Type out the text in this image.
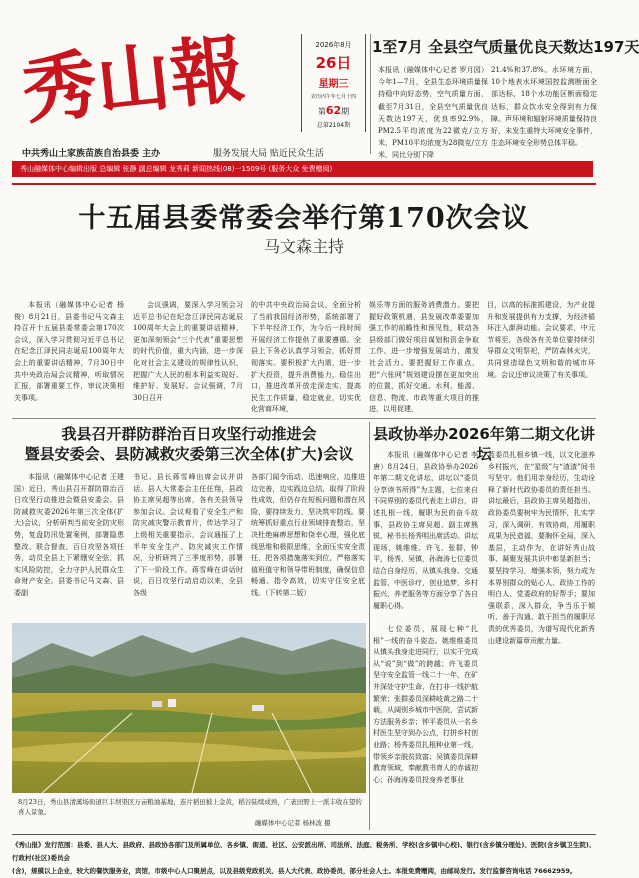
秀山報	2026年8月
26日
星期三
农历丙午年七月十四
第62期
总第2104期
中共秀山土家族苗族自治县委 主办	服务发展大局 贴近民众生活
秀山融媒体中心编辑出版 总编辑 张静 副总编辑 龙秀莉 新闻热线(08)一1509号 (服务大众 免费赠阅)
1至7月 全县空气质量优良天数达197天
本报讯（融媒体中心记者 罗月园）今年1—7月，全县生态环境质量保持稳中向好态势，空气质量方面，截至7月31日，全县空气质量优良天数达197天，优良率92.9%，PM2.5平均浓度为22微克/立方米，PM10平均浓度为28微克/立方米，同比分别下降
21.4%和37.8%。水环境方面，10个地表水环境国控监测断面全部达标，18个水功能区断面稳定达标，群众饮水安全得到有力保障。声环境和辐射环境质量保持良好，未发生重特大环境安全事件，生态环境安全形势总体平稳。
十五届县委常委会举行第170次会议
马文森主持

本报讯（融媒体中心记者 杨俊）8月21日，县委书记马文森主持召开十五届县委常委会第170次会议，深入学习贯彻习近平总书记在纪念江泽民同志诞辰100周年大会上的重要讲话精神，7月30日中共中央政治局会议精神，听取情况汇报，部署重要工作，审议决策相关事项。

会议强调，要深入学习领会习近平总书记在纪念江泽民同志诞辰100周年大会上的重要讲话精神，更加深刻领会“三个代表”重要思想的时代价值，重大内涵，进一步深化对社会主义建设的规律性认识，把握广大人民的根本利益实现好、维护好、发展好。会议强调，7月30日召开

的中共中央政治局会议，全面分析了当前我国经济形势，系统部署了下半年经济工作，为今后一段时间开展经济工作提供了重要遵循。全县上下务必认真学习领会，抓好贯彻落实。要积极扩大内需，进一步扩大投资，提升消费能力，稳住出口，推进改革开放走深走实，提高民生工作质量，稳定就业，切实优化营商环境，

娱乐等方面的服务消费潜力。要把握好政策机遇，县发展改革委要加强工作的前瞻性和预见性，联动各县级部门做好项目谋划和资金争取工作，进一步增强发展动力，激发社会活力。要把握好工作重点，把“六张网”规划建设摆在更加突出的位置，抓好交通、水利、能源、信息、物流、市政等重大项目的推进，以用促建，

目，以高的标准抓建设，为产业提升和发展提供有力支撑，为经济循环注入澎湃动能。会议要求，中元节将至，各级各有关单位要持续引导群众文明祭祀，严防森林火灾，共同营造绿色文明和谐的城市环境。会议还审议决策了有关事项。

我县召开群防群治百日攻坚行动推进会
暨县安委会、县防减救灾委第三次全体(扩大)会议

本报讯（融媒体中心记者 王建国）近日，秀山县召开群防群治百日攻坚行动推进会暨县安委会、县防减救灾委2026年第三次全体(扩大)会议，分析研判当前安全防灾形势，复盘防汛处置案例，部署隐患整改、联合督查、百日攻坚各项任务，动员全县上下紧绷安全弦，抓实风险防控，全力守护人民群众生命财产安全。县委书记马文森、县委副

书记、县长蒋雪峰出席会议并讲话。县人大常委会主任任翔，县政协主席吴超等出席，各有关县领导参加会议。会议观看了安全生产和防灾减灾警示教育片，传达学习了上级相关重要指示，会议通报了上半年安全生产、防灾减灾工作情况，分析研判了三季度形势，部署了下一阶段工作。蒋雪峰在讲话时说，百日攻坚行动启动以来，全县各级

各部门闻令而动、迅速响应，边推进边完善，边实践边总结，取得了阶段性成效，但仍存在短板问题和潜在风险，要持续发力，坚决筑牢防线。要统筹抓好重点行业领域排查整治，坚决杜绝麻痹思想和侥幸心理，强化底线思维和极限思维，全面压实安全责任，把各项措施落实到位，严格落实值班值守和领导带班制度，确保信息畅通、指令高效，切实守住安全底线。（下转第二版）

8月23日，秀山县清溪场街道巨丰坝渠区万亩粮油基地，连片稻田披上金黄，稻谷陆续成熟，广袤田野上一派丰收在望的喜人景象。
融媒体中心记者 杨林波 摄
县政协举办2026年第二期文化讲坛

本报讯（融媒体中心记者 李 唐）8月24日，县政协举办2026年第二期文化讲坛，讲坛以“委员分享读书所得”为主题，七位来自不同界别的委员代表走上讲台，讲述扎根一线，履职为民的奋斗故事，县政协主席吴超、副主席熊锐、秘书长杨秀明出席活动。讲坛现场，姚维维、许飞、张群，钟平，杨秀，吴镇，孙海涛七位委员结合自身经历，从镇头我身、交通监管、中医诊疗，创业追梦，乡村振兴、养老服务等方面分享了各自履职心得。

七位委员，展现七种“扎根”一线的奋斗姿态。姚维维委员从镇头我身走进同行，以实干完成从“说”到“做”的跨越；许飞委员坚守安全监管一线二十一年，在矿井深处守护生命、在打非一线护航繁荣；张群委员深耕岐黄之路二十载，从阔别乡城市中医院，尝试新方法服务乡亲；钟平委员从一名乡村医生坚守到办公点，打拼乡村创业路；杨秀委员扎根种业第一线，带领乡亲脱贫致富；吴镇委员深耕教育领域，奉献教书育人的赤诚初心；孙海涛委员投身养老事业

蓝委员扎根乡镇一线，以文化滋养乡村振兴，在“星级”与“渣渣”间书写坚守。他们用亲身经历，生动诠释了新时代政协委员的责任担当。讲坛最后，县政协主席吴超指出，政协委员要树牢为民情怀，扎实学习，深入调研，有效协商，用履职成果为民造福，要胸怀全局，深入基层，主动作为，在讲好秀山故事、凝聚发展共识中彰显新担当；要坚持学习，增强本领，努力成为本界别群众的贴心人、政协工作的明白人、党委政府的好帮手；要加强联系，深入群众，争当乐于倾听、善于沟通、敢于担当的履职尽责的优秀委员，为谱写现代化新秀山建设新篇章贡献力量。

《秀山报》发行范围：县委、县人大、县政府、县政协各部门及所属单位、各乡镇、街道、社区、公安派出所、司法所、法庭、税务所、学校(含乡镇中心校)、银行(含乡镇分理处)、医院(含乡镇卫生院)、行政村(社区)委员会
(含)，规模以上企业，较大的餐饮服务业，宾馆，市级中心人口聚居点，以及县级党政机关、县人大代表、政协委员，部分社会人士。本报免费赠阅，由邮局发行。发行监督咨询电话 76662959。
